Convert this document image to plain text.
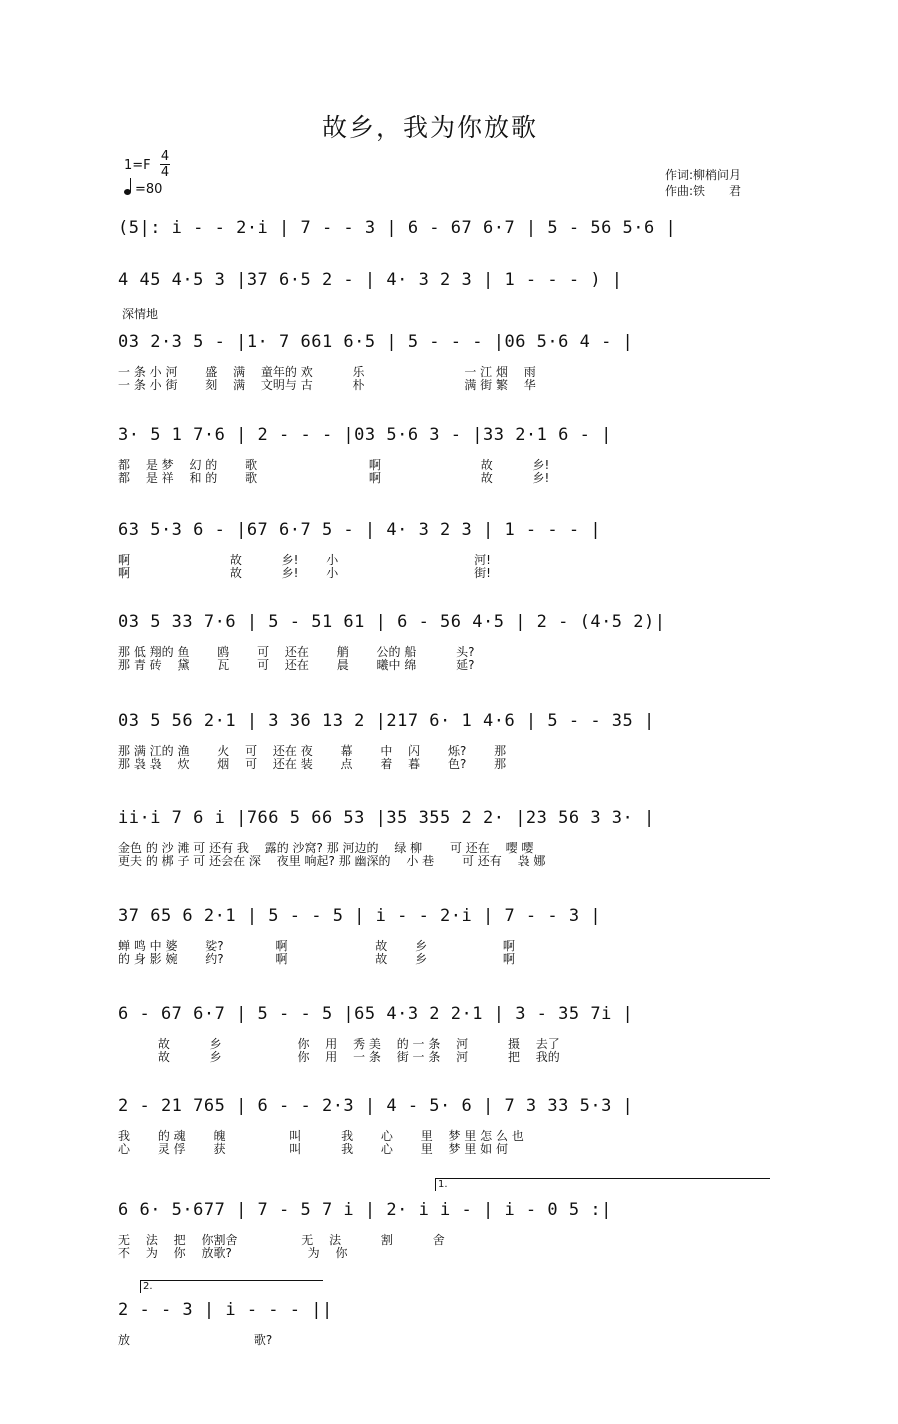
故乡，我为你放歌
1=F
4
4
=80
作词:柳梢问月
作曲:铁　　君
深情地
(5|: i - - 2·i | 7 - - 3 | 6 - 67 6·7 | 5 - 56 5·6 |
4 45 4·5 3 |37 6·5 2 - | 4· 3 2 3 | 1 - - - ) |
03 2·3 5 - |1· 7 661 6·5 | 5 - - - |06 5·6 4 - |
一 条 小 河　　 盛　 满　 童年的 欢　　　 乐　　　　　　　　 一 江 烟　 雨
一 条 小 街　　 刻　 满　 文明与 古　　　 朴　　　　　　　　 满 街 繁　 华
3· 5 1 7·6 | 2 - - - |03 5·6 3 - |33 2·1 6 - |
都　 是 梦　 幻 的　　 歌　　　　　　　　　 啊　　　　　　　　 故　　　 乡!
都　 是 祥　 和 的　　 歌　　　　　　　　　 啊　　　　　　　　 故　　　 乡!
63 5·3 6 - |67 6·7 5 - | 4· 3 2 3 | 1 - - - |
啊　　　　　　　　 故　　　 乡!　　 小　　　　　　　　　　　 河!
啊　　　　　　　　 故　　　 乡!　　 小　　　　　　　　　　　 街!
03 5 33 7·6 | 5 - 51 61 | 6 - 56 4·5 | 2 - (4·5 2)|
那 低 翔的 鱼　　 鸥　　 可　 还在　　 艄　　 公的 船　　　 头?
那 青 砖　 黛　　 瓦　　 可　 还在　　 晨　　 曦中 绵　　　 延?
03 5 56 2·1 | 3 36 13 2 |217 6· 1 4·6 | 5 - - 35 |
那 满 江的 渔　　 火　 可　 还在 夜　　 幕　　 中　 闪　　 烁?　　 那
那 袅 袅　 炊　　 烟　 可　 还在 装　　 点　　 着　 暮　　 色?　　 那
ii·i 7 6 i |766 5 66 53 |35 355 2 2· |23 56 3 3· |
金色 的 沙 滩 可 还有 我　 露的 沙窝? 那 河边的　 绿 柳　　 可 还在　 嘤 嘤
更夫 的 梆 子 可 还会在 深　 夜里 响起? 那 幽深的　 小 巷　　 可 还有　 袅 娜
37 65 6 2·1 | 5 - - 5 | i - - 2·i | 7 - - 3 |
蝉 鸣 中 婆　　 娑?　　　　 啊　　　　　　　 故　　 乡　　　　　　 啊
的 身 影 婉　　 约?　　　　 啊　　　　　　　 故　　 乡　　　　　　 啊
6 - 67 6·7 | 5 - - 5 |65 4·3 2 2·1 | 3 - 35 7i |
　　　 故　　　 乡　　　　　　 你　 用　 秀 美　 的 一 条　 河　　　 摄　 去了
　　　 故　　　 乡　　　　　　 你　 用　 一 条　 街 一 条　 河　　　 把　 我的
2 - 21 765 | 6 - - 2·3 | 4 - 5· 6 | 7 3 33 5·3 |
我　　 的 魂　　 魄　　　　　 叫　　　 我　　 心　　 里　 梦 里 怎 么 也
心　　 灵 俘　　 获　　　　　 叫　　　 我　　 心　　 里　 梦 里 如 何
6 6· 5·677 | 7 - 5 7 i | 2· i i - | i - 0 5 :|
无　 法　 把　 你割舍　　　　　 无　 法　　　 割　　　 舍
不　 为　 你　 放歌?　　　　　　 为　 你
2 - - 3 | i - - - ||
放　　　　　　　　　　 歌?
1.
2.
